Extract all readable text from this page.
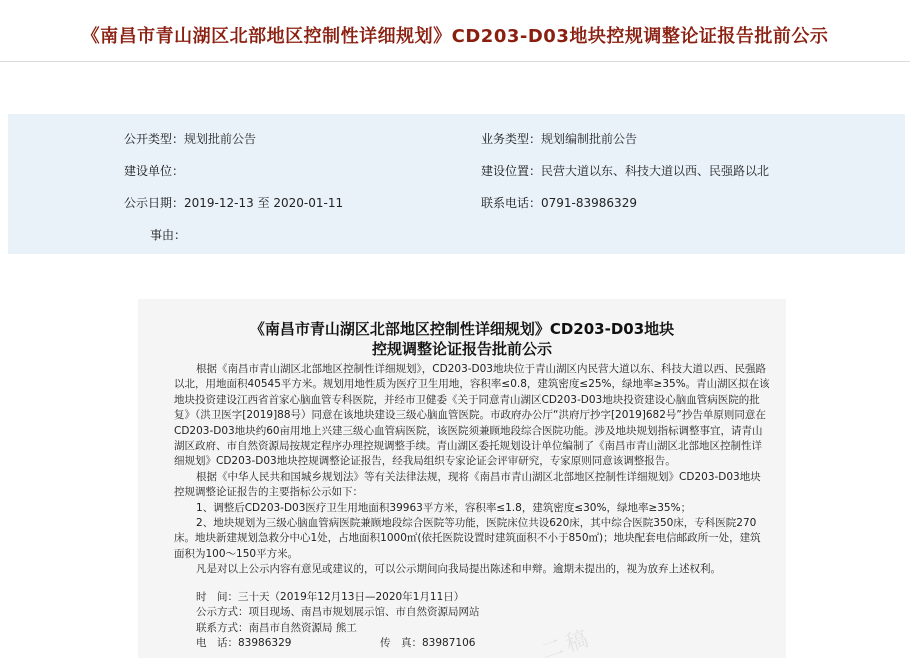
《南昌市青山湖区北部地区控制性详细规划》CD203-D03地块控规调整论证报告批前公示
公开类型：规划批前公告	业务类型：规划编制批前公告
建设单位：	建设位置：民营大道以东、科技大道以西、民强路以北
公示日期：2019-12-13 至 2020-01-11	联系电话：0791-83986329
事由：
《南昌市青山湖区北部地区控制性详细规划》CD203-D03地块
控规调整论证报告批前公示

根据《南昌市青山湖区北部地区控制性详细规划》，CD203-D03地块位于青山湖区内民营大道以东、科技大道以西、民强路以北，用地面积40545平方米。规划用地性质为医疗卫生用地，容积率≤0.8，建筑密度≤25%，绿地率≥35%。青山湖区拟在该地块投资建设江西省首家心脑血管专科医院，并经市卫健委《关于同意青山湖区CD203-D03地块投资建设心脑血管病医院的批复》（洪卫医字[2019]88号）同意在该地块建设三级心脑血管医院。市政府办公厅“洪府厅抄字[2019]682号”抄告单原则同意在CD203-D03地块约60亩用地上兴建三级心血管病医院，该医院须兼顾地段综合医院功能。涉及地块规划指标调整事宜，请青山湖区政府、市自然资源局按规定程序办理控规调整手续。青山湖区委托规划设计单位编制了《南昌市青山湖区北部地区控制性详细规划》CD203-D03地块控规调整论证报告，经我局组织专家论证会评审研究，专家原则同意该调整报告。

根据《中华人民共和国城乡规划法》等有关法律法规，现将《南昌市青山湖区北部地区控制性详细规划》CD203-D03地块控规调整论证报告的主要指标公示如下：

1、调整后CD203-D03医疗卫生用地面积39963平方米，容积率≤1.8，建筑密度≤30%，绿地率≥35%；

2、地块规划为三级心脑血管病医院兼顾地段综合医院等功能，医院床位共设620床，其中综合医院350床，专科医院270床。地块新建规划急救分中心1处，占地面积1000㎡(依托医院设置时建筑面积不小于850㎡)；地块配套电信邮政所一处，建筑面积为100～150平方米。

凡是对以上公示内容有意见或建议的，可以公示期间向我局提出陈述和申辩。逾期未提出的，视为放弃上述权利。

时　间：三十天（2019年12月13日—2020年1月11日）

公示方式：项目现场、南昌市规划展示馆、市自然资源局网站

联系方式：南昌市自然资源局 熊工

电　话：83986329	传　真：83987106	二稿
